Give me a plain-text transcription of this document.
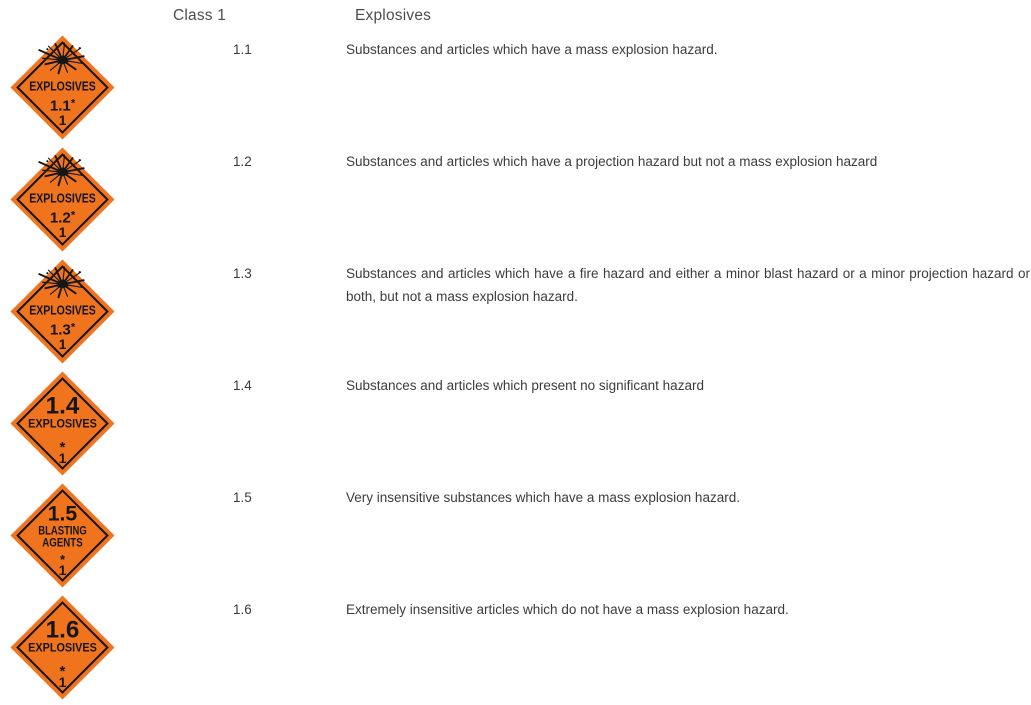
Class 1	Explosives
EXPLOSIVES
1.1*
1
1.1	Substances and articles which have a mass explosion hazard.
EXPLOSIVES
1.2*
1
1.2	Substances and articles which have a projection hazard but not a mass explosion hazard
EXPLOSIVES
1.3*
1
1.3	Substances and articles which have a fire hazard and either a minor blast hazard or a minor projection hazard or both, but not a mass explosion hazard.
1.4
EXPLOSIVES
*
1
1.4	Substances and articles which present no significant hazard
1.5
BLASTING
AGENTS
*
1
1.5	Very insensitive substances which have a mass explosion hazard.
1.6
EXPLOSIVES
*
1
1.6	Extremely insensitive articles which do not have a mass explosion hazard.
